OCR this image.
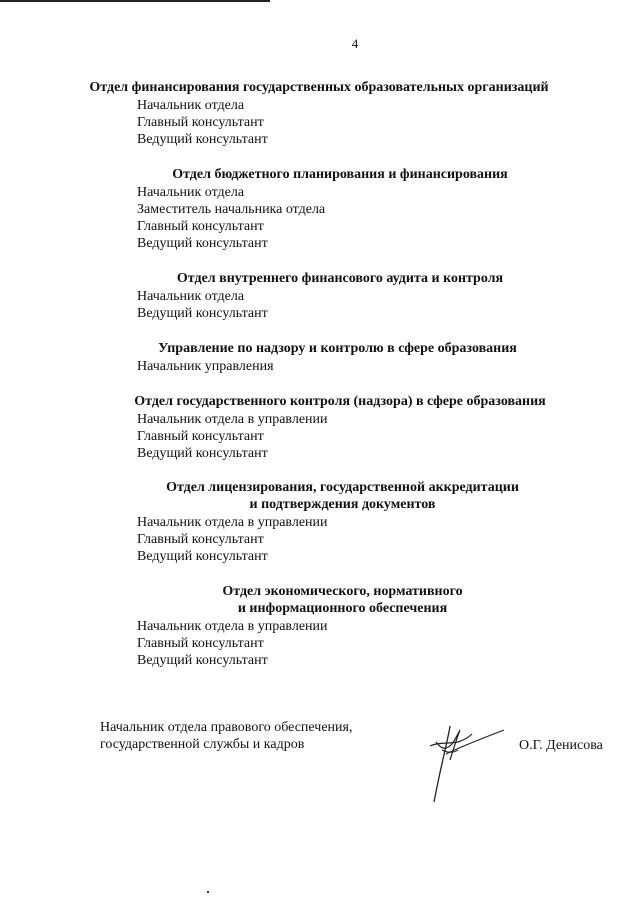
4
Отдел финансирования государственных образовательных организаций
Начальник отдела
Главный консультант
Ведущий консультант
Отдел бюджетного планирования и финансирования
Начальник отдела
Заместитель начальника отдела
Главный консультант
Ведущий консультант
Отдел внутреннего финансового аудита и контроля
Начальник отдела
Ведущий консультант
Управление по надзору и контролю в сфере образования
Начальник управления
Отдел государственного контроля (надзора) в сфере образования
Начальник отдела в управлении
Главный консультант
Ведущий консультант
Отдел лицензирования, государственной аккредитации
и подтверждения документов
Начальник отдела в управлении
Главный консультант
Ведущий консультант
Отдел экономического, нормативного
и информационного обеспечения
Начальник отдела в управлении
Главный консультант
Ведущий консультант
Начальник отдела правового обеспечения,
государственной службы и кадров	О.Г. Денисова
